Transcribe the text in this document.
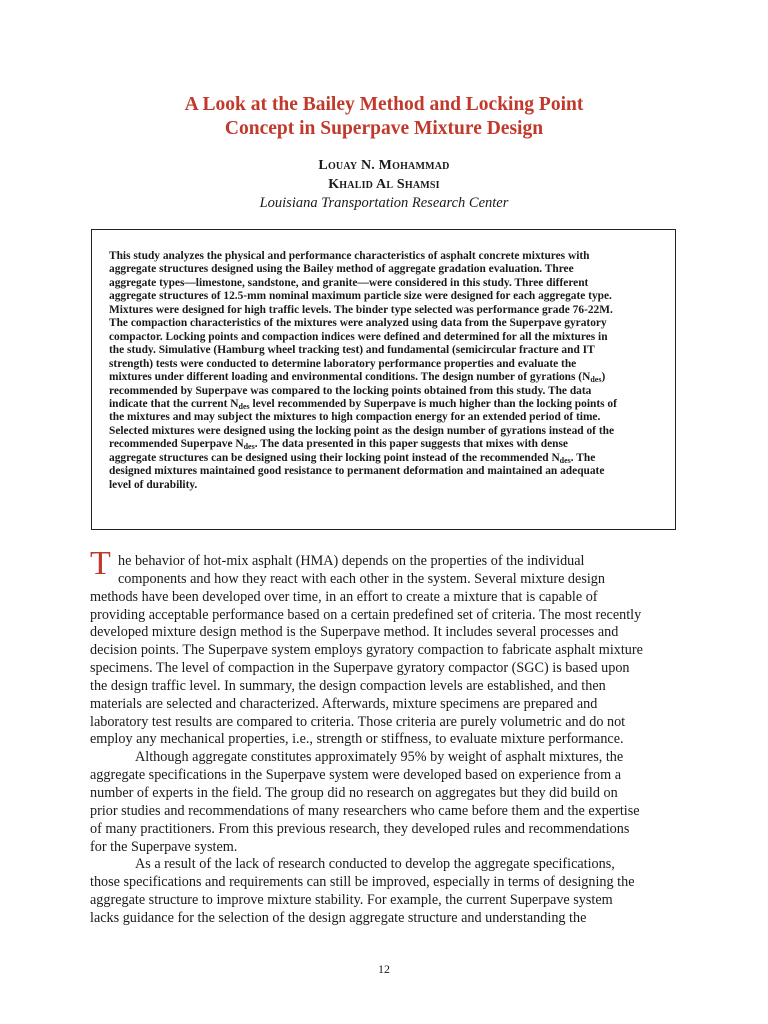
A Look at the Bailey Method and Locking Point
Concept in Superpave Mixture Design
Louay N. Mohammad
Khalid Al Shamsi
Louisiana Transportation Research Center
This study analyzes the physical and performance characteristics of asphalt concrete mixtures with
aggregate structures designed using the Bailey method of aggregate gradation evaluation. Three
aggregate types—limestone, sandstone, and granite—were considered in this study. Three different
aggregate structures of 12.5-mm nominal maximum particle size were designed for each aggregate type.
Mixtures were designed for high traffic levels. The binder type selected was performance grade 76-22M.
The compaction characteristics of the mixtures were analyzed using data from the Superpave gyratory
compactor. Locking points and compaction indices were defined and determined for all the mixtures in
the study. Simulative (Hamburg wheel tracking test) and fundamental (semicircular fracture and IT
strength) tests were conducted to determine laboratory performance properties and evaluate the
mixtures under different loading and environmental conditions. The design number of gyrations $(N_{des})$
recommended by Superpave was compared to the locking points obtained from this study. The data
indicate that the current $N_{des}$ level recommended by Superpave is much higher than the locking points of
the mixtures and may subject the mixtures to high compaction energy for an extended period of time.
Selected mixtures were designed using the locking point as the design number of gyrations instead of the
recommended Superpave $N_{des}$. The data presented in this paper suggests that mixes with dense
aggregate structures can be designed using their locking point instead of the recommended $N_{des}$. The
designed mixtures maintained good resistance to permanent deformation and maintained an adequate
level of durability.
T he behavior of hot-mix asphalt (HMA) depends on the properties of the individual
components and how they react with each other in the system. Several mixture design
methods have been developed over time, in an effort to create a mixture that is capable of
providing acceptable performance based on a certain predefined set of criteria. The most recently
developed mixture design method is the Superpave method. It includes several processes and
decision points. The Superpave system employs gyratory compaction to fabricate asphalt mixture
specimens. The level of compaction in the Superpave gyratory compactor (SGC) is based upon
the design traffic level. In summary, the design compaction levels are established, and then
materials are selected and characterized. Afterwards, mixture specimens are prepared and
laboratory test results are compared to criteria. Those criteria are purely volumetric and do not
employ any mechanical properties, i.e., strength or stiffness, to evaluate mixture performance.
Although aggregate constitutes approximately 95% by weight of asphalt mixtures, the
aggregate specifications in the Superpave system were developed based on experience from a
number of experts in the field. The group did no research on aggregates but they did build on
prior studies and recommendations of many researchers who came before them and the expertise
of many practitioners. From this previous research, they developed rules and recommendations
for the Superpave system.
As a result of the lack of research conducted to develop the aggregate specifications,
those specifications and requirements can still be improved, especially in terms of designing the
aggregate structure to improve mixture stability. For example, the current Superpave system
lacks guidance for the selection of the design aggregate structure and understanding the
12
